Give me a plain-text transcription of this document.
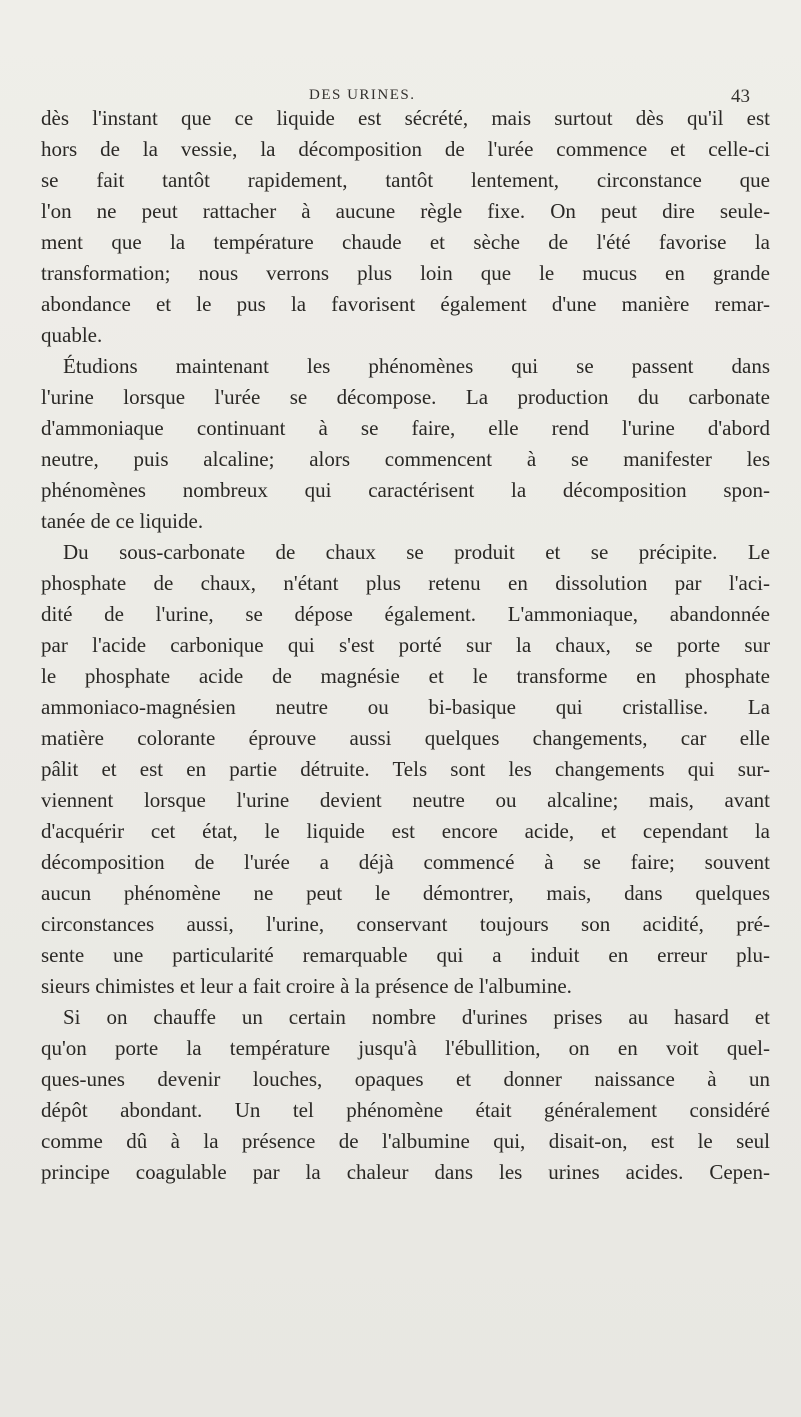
DES URINES.	43
dès l'instant que ce liquide est sécrété, mais surtout dès qu'il est
hors de la vessie, la décomposition de l'urée commence et celle-ci
se fait tantôt rapidement, tantôt lentement, circonstance que
l'on ne peut rattacher à aucune règle fixe. On peut dire seule-
ment que la température chaude et sèche de l'été favorise la
transformation; nous verrons plus loin que le mucus en grande
abondance et le pus la favorisent également d'une manière remar-
quable.
Étudions maintenant les phénomènes qui se passent dans
l'urine lorsque l'urée se décompose. La production du carbonate
d'ammoniaque continuant à se faire, elle rend l'urine d'abord
neutre, puis alcaline; alors commencent à se manifester les
phénomènes nombreux qui caractérisent la décomposition spon-
tanée de ce liquide.
Du sous-carbonate de chaux se produit et se précipite. Le
phosphate de chaux, n'étant plus retenu en dissolution par l'aci-
dité de l'urine, se dépose également. L'ammoniaque, abandonnée
par l'acide carbonique qui s'est porté sur la chaux, se porte sur
le phosphate acide de magnésie et le transforme en phosphate
ammoniaco-magnésien neutre ou bi-basique qui cristallise. La
matière colorante éprouve aussi quelques changements, car elle
pâlit et est en partie détruite. Tels sont les changements qui sur-
viennent lorsque l'urine devient neutre ou alcaline; mais, avant
d'acquérir cet état, le liquide est encore acide, et cependant la
décomposition de l'urée a déjà commencé à se faire; souvent
aucun phénomène ne peut le démontrer, mais, dans quelques
circonstances aussi, l'urine, conservant toujours son acidité, pré-
sente une particularité remarquable qui a induit en erreur plu-
sieurs chimistes et leur a fait croire à la présence de l'albumine.
Si on chauffe un certain nombre d'urines prises au hasard et
qu'on porte la température jusqu'à l'ébullition, on en voit quel-
ques-unes devenir louches, opaques et donner naissance à un
dépôt abondant. Un tel phénomène était généralement considéré
comme dû à la présence de l'albumine qui, disait-on, est le seul
principe coagulable par la chaleur dans les urines acides. Cepen-
